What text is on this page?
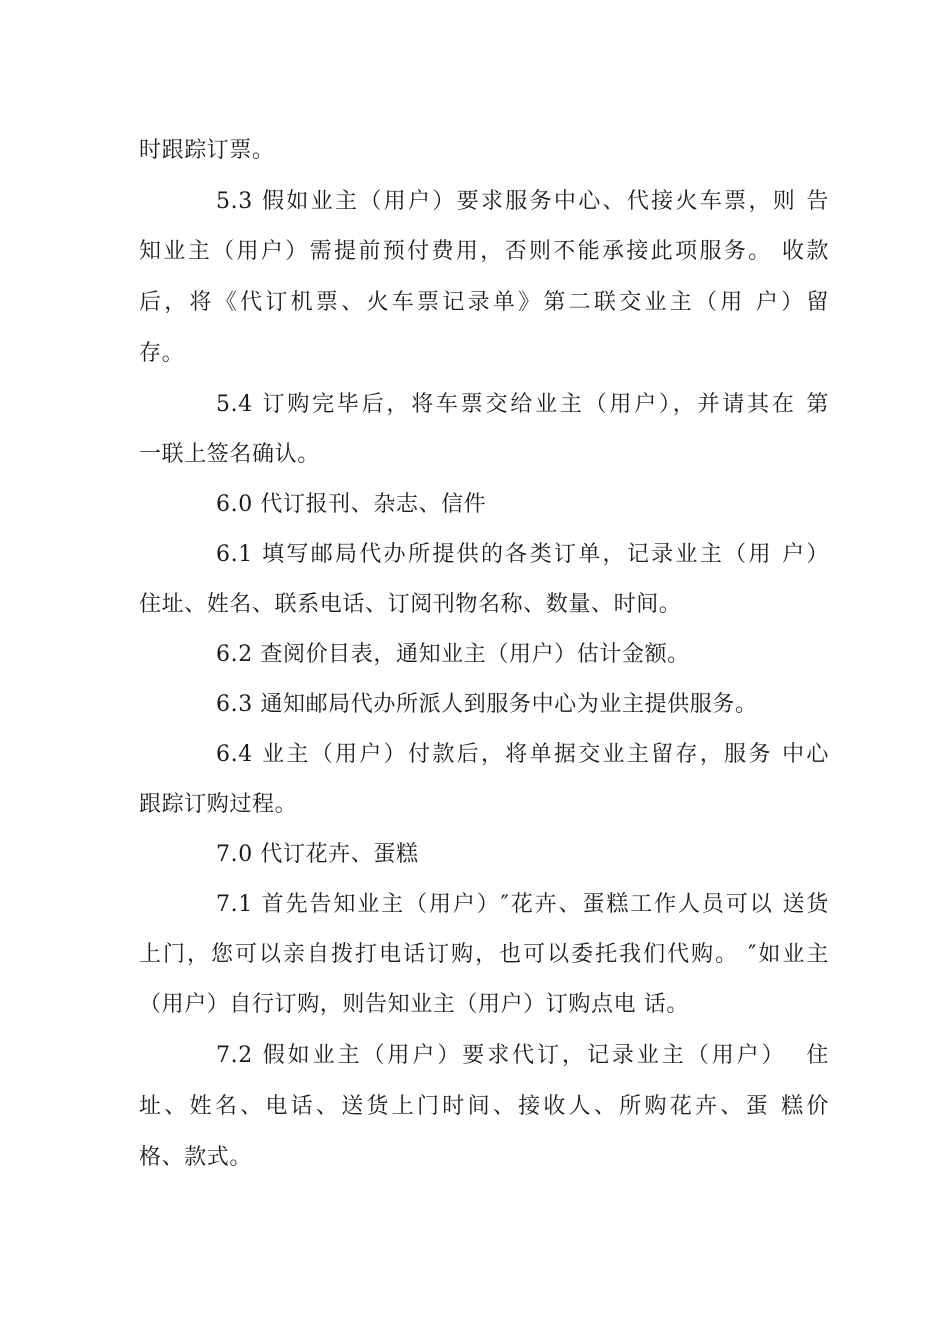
时跟踪订票。
5.3 假如业主（用户）要求服务中心、代接火车票，则 告
知业主（用户）需提前预付费用，否则不能承接此项服务。 收款
后，将《代订机票、火车票记录单》第二联交业主（用 户）留
存。
5.4 订购完毕后，将车票交给业主（用户），并请其在 第
一联上签名确认。
6.0 代订报刊、杂志、信件
6.1 填写邮局代办所提供的各类订单，记录业主（用 户）
住址、姓名、联系电话、订阅刊物名称、数量、时间。
6.2 查阅价目表，通知业主（用户）估计金额。
6.3 通知邮局代办所派人到服务中心为业主提供服务。
6.4 业主（用户）付款后，将单据交业主留存，服务 中心
跟踪订购过程。
7.0 代订花卉、蛋糕
7.1 首先告知业主（用户）″花卉、蛋糕工作人员可以 送货
上门，您可以亲自拨打电话订购，也可以委托我们代购。 ″如业主
（用户）自行订购，则告知业主（用户）订购点电 话。
7.2 假如业主（用户）要求代订，记录业主（用户）  住
址、姓名、电话、送货上门时间、接收人、所购花卉、蛋 糕价
格、款式。
